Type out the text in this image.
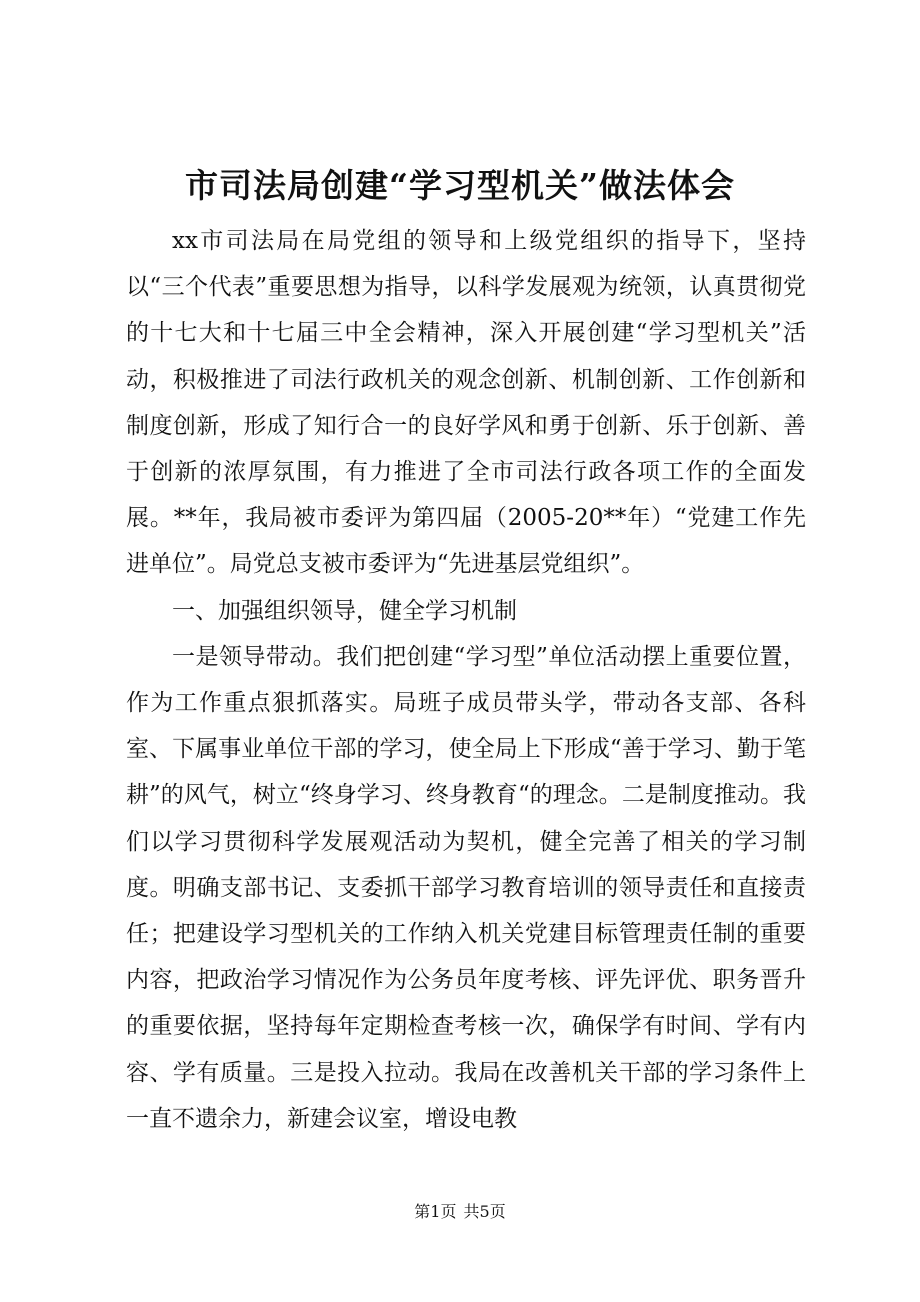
市司法局创建“学习型机关”做法体会

xx市司法局在局党组的领导和上级党组织的指导下，坚持以“三个代表”重要思想为指导，以科学发展观为统领，认真贯彻党的十七大和十七届三中全会精神，深入开展创建“学习型机关”活动，积极推进了司法行政机关的观念创新、机制创新、工作创新和制度创新，形成了知行合一的良好学风和勇于创新、乐于创新、善于创新的浓厚氛围，有力推进了全市司法行政各项工作的全面发展。**年，我局被市委评为第四届（2005-20**年）“党建工作先进单位”。局党总支被市委评为“先进基层党组织”。

一、加强组织领导，健全学习机制

一是领导带动。我们把创建“学习型”单位活动摆上重要位置，作为工作重点狠抓落实。局班子成员带头学，带动各支部、各科室、下属事业单位干部的学习，使全局上下形成“善于学习、勤于笔耕”的风气，树立“终身学习、终身教育“的理念。二是制度推动。我们以学习贯彻科学发展观活动为契机，健全完善了相关的学习制度。明确支部书记、支委抓干部学习教育培训的领导责任和直接责任；把建设学习型机关的工作纳入机关党建目标管理责任制的重要内容，把政治学习情况作为公务员年度考核、评先评优、职务晋升的重要依据，坚持每年定期检查考核一次，确保学有时间、学有内容、学有质量。三是投入拉动。我局在改善机关干部的学习条件上一直不遗余力，新建会议室，增设电教

第1页 共5页
